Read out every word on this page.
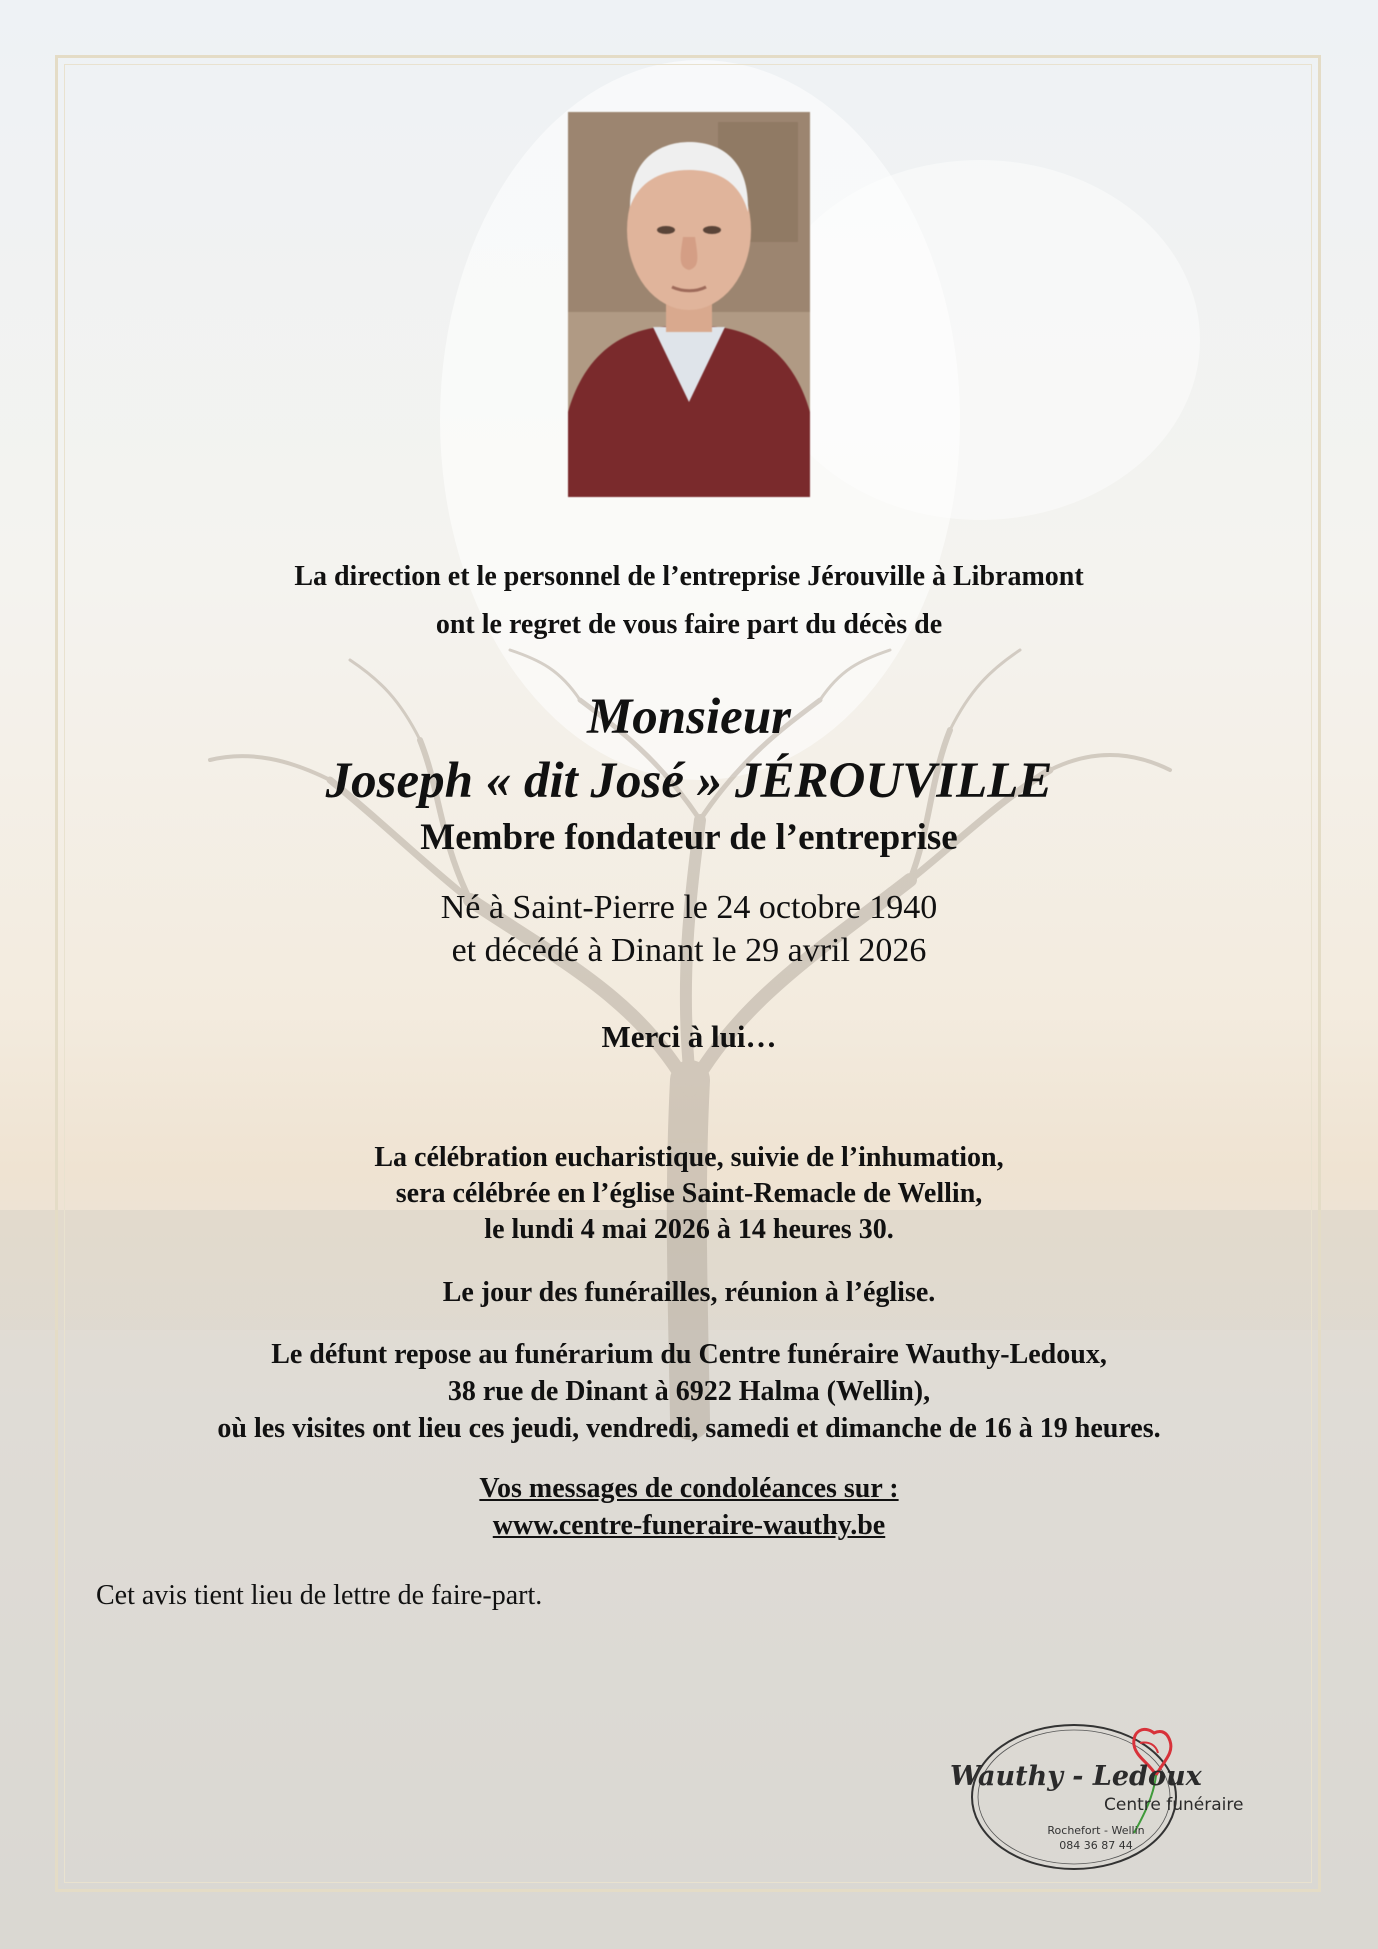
La direction et le personnel de l’entreprise Jérouville à Libramont
ont le regret de vous faire part du décès de
Monsieur
Joseph « dit José » JÉROUVILLE
Membre fondateur de l’entreprise
Né à Saint-Pierre le 24 octobre 1940
et décédé à Dinant le 29 avril 2026
Merci à lui…
La célébration eucharistique, suivie de l’inhumation,
sera célébrée en l’église Saint-Remacle de Wellin,
le lundi 4 mai 2026 à 14 heures 30.
Le jour des funérailles, réunion à l’église.
Le défunt repose au funérarium du Centre funéraire Wauthy-Ledoux,
38 rue de Dinant à 6922 Halma (Wellin),
où les visites ont lieu ces jeudi, vendredi, samedi et dimanche de 16 à 19 heures.
Vos messages de condoléances sur :
www.centre-funeraire-wauthy.be
Cet avis tient lieu de lettre de faire-part.
Wauthy - Ledoux
Centre funéraire
Rochefort - Wellin
084 36 87 44
